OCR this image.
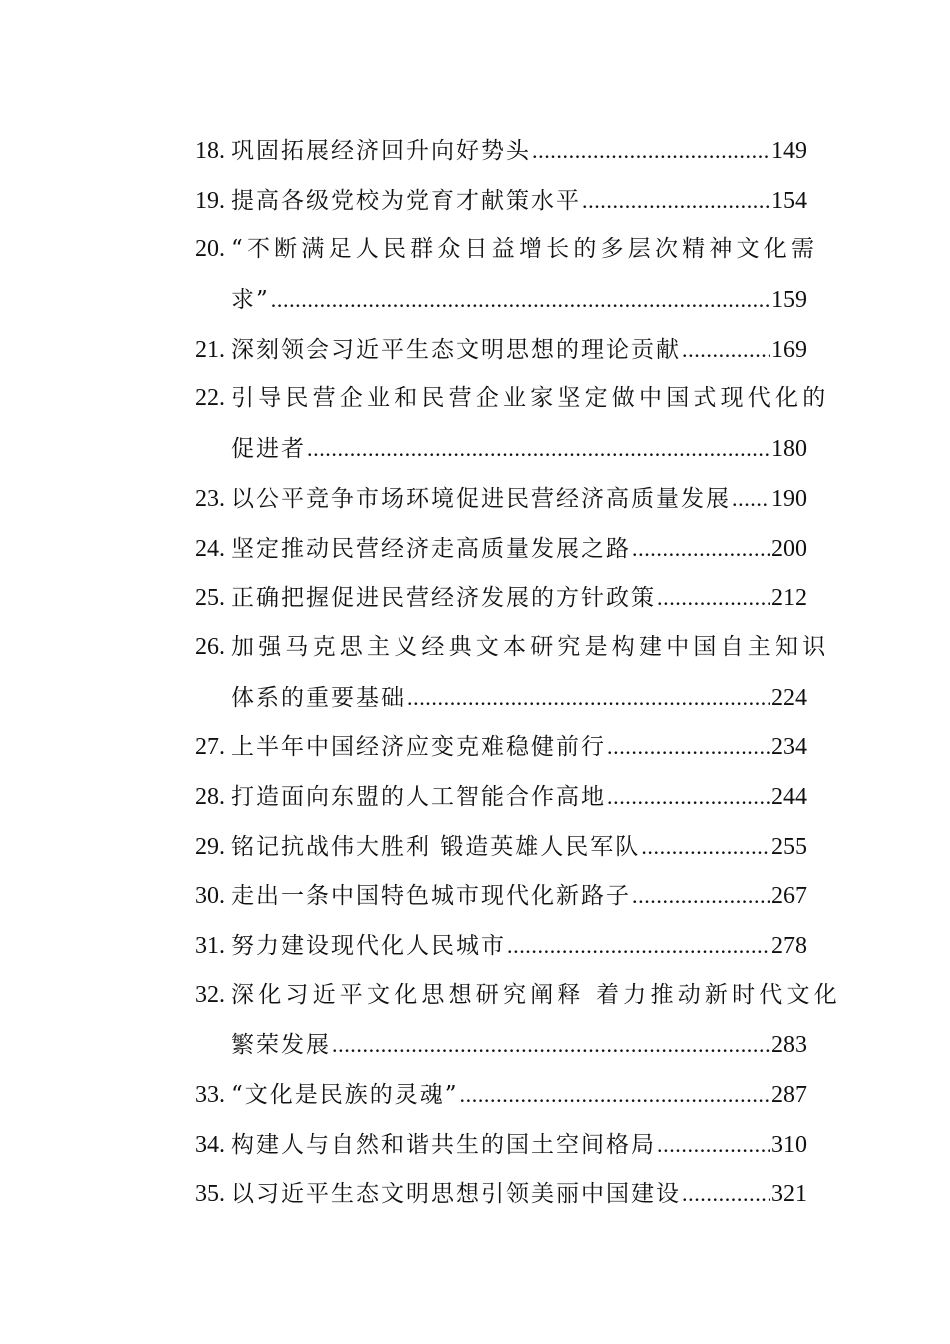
18. 巩固拓展经济回升向好势头 .....	149
19. 提高各级党校为党育才献策水平 .....	154
20. “不断满足人民群众日益增长的多层次精神文化需
求” .....	159
21. 深刻领会习近平生态文明思想的理论贡献 .....	169
22. 引导民营企业和民营企业家坚定做中国式现代化的
促进者 .....	180
23. 以公平竞争市场环境促进民营经济高质量发展 ..... 190
24. 坚定推动民营经济走高质量发展之路 .....	200
25. 正确把握促进民营经济发展的方针政策 .....	212
26. 加强马克思主义经典文本研究是构建中国自主知识
体系的重要基础 .....	224
27. 上半年中国经济应变克难稳健前行 .....	234
28. 打造面向东盟的人工智能合作高地 .....	244
29. 铭记抗战伟大胜利 锻造英雄人民军队 .....	255
30. 走出一条中国特色城市现代化新路子 .....	267
31. 努力建设现代化人民城市 .....	278
32. 深化习近平文化思想研究阐释 着力推动新时代文化
繁荣发展 .....	283
33. “文化是民族的灵魂” .....	287
34. 构建人与自然和谐共生的国土空间格局 .....	310
35. 以习近平生态文明思想引领美丽中国建设 .....	321
